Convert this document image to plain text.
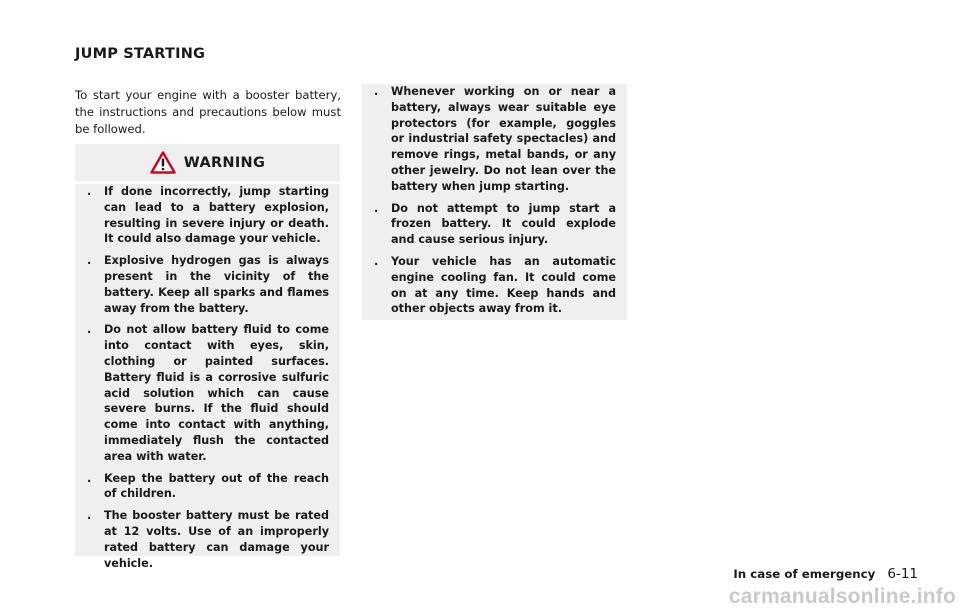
JUMP STARTING

To start your engine with a booster battery, the instructions and precautions below must be followed.

WARNING
. If done incorrectly, jump starting can lead to a battery explosion, resulting in severe injury or death. It could also damage your vehicle.
. Explosive hydrogen gas is always present in the vicinity of the battery. Keep all sparks and flames away from the battery.
. Do not allow battery fluid to come into contact with eyes, skin, clothing or painted surfaces. Battery fluid is a corrosive sulfuric acid solution which can cause severe burns. If the fluid should come into contact with anything, immediately flush the contacted area with water.
. Keep the battery out of the reach of children.
. The booster battery must be rated at 12 volts. Use of an improperly rated battery can damage your vehicle.
. Whenever working on or near a battery, always wear suitable eye protectors (for example, goggles or industrial safety spectacles) and remove rings, metal bands, or any other jewelry. Do not lean over the battery when jump starting.
. Do not attempt to jump start a frozen battery. It could explode and cause serious injury.
. Your vehicle has an automatic engine cooling fan. It could come on at any time. Keep hands and other objects away from it.
In case of emergency 6-11
carmanualsonline.info
